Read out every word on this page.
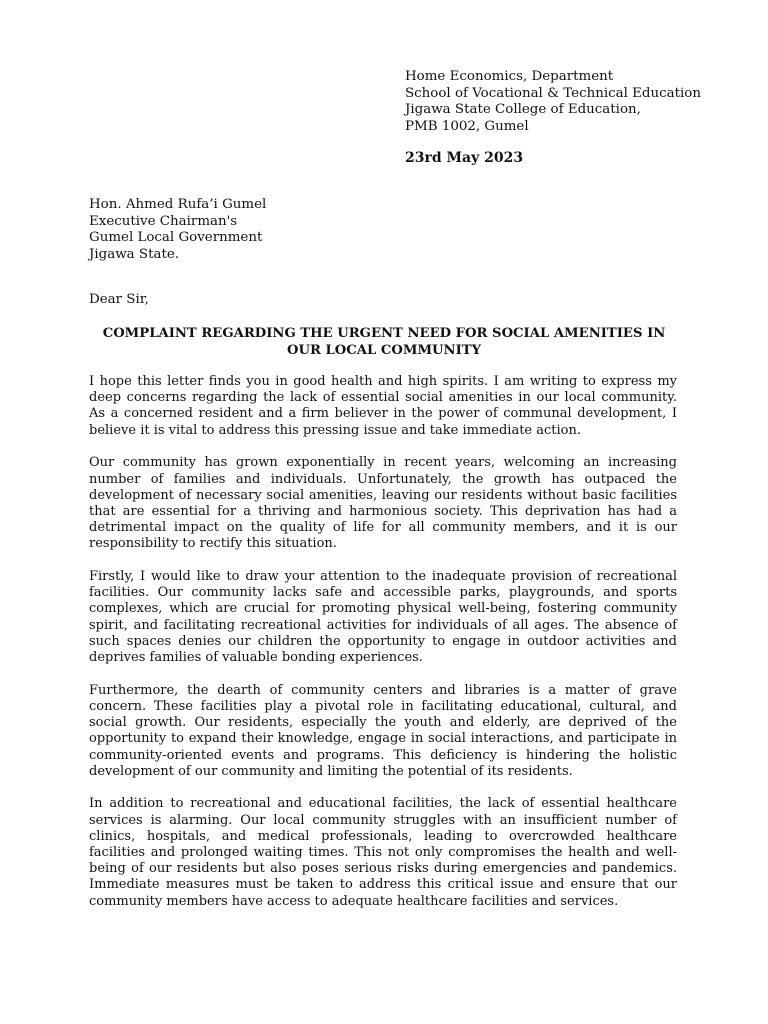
Home Economics, Department
School of Vocational & Technical Education
Jigawa State College of Education,
PMB 1002, Gumel
23rd May 2023
Hon. Ahmed Rufa’i Gumel
Executive Chairman's
Gumel Local Government
Jigawa State.
Dear Sir,
COMPLAINT REGARDING THE URGENT NEED FOR SOCIAL AMENITIES IN OUR LOCAL COMMUNITY

I hope this letter finds you in good health and high spirits. I am writing to express my deep concerns regarding the lack of essential social amenities in our local community. As a concerned resident and a firm believer in the power of communal development, I believe it is vital to address this pressing issue and take immediate action.

Our community has grown exponentially in recent years, welcoming an increasing number of families and individuals. Unfortunately, the growth has outpaced the development of necessary social amenities, leaving our residents without basic facilities that are essential for a thriving and harmonious society. This deprivation has had a detrimental impact on the quality of life for all community members, and it is our responsibility to rectify this situation.

Firstly, I would like to draw your attention to the inadequate provision of recreational facilities. Our community lacks safe and accessible parks, playgrounds, and sports complexes, which are crucial for promoting physical well-being, fostering community spirit, and facilitating recreational activities for individuals of all ages. The absence of such spaces denies our children the opportunity to engage in outdoor activities and deprives families of valuable bonding experiences.

Furthermore, the dearth of community centers and libraries is a matter of grave concern. These facilities play a pivotal role in facilitating educational, cultural, and social growth. Our residents, especially the youth and elderly, are deprived of the opportunity to expand their knowledge, engage in social interactions, and participate in community-oriented events and programs. This deficiency is hindering the holistic development of our community and limiting the potential of its residents.

In addition to recreational and educational facilities, the lack of essential healthcare services is alarming. Our local community struggles with an insufficient number of clinics, hospitals, and medical professionals, leading to overcrowded healthcare facilities and prolonged waiting times. This not only compromises the health and well-being of our residents but also poses serious risks during emergencies and pandemics. Immediate measures must be taken to address this critical issue and ensure that our community members have access to adequate healthcare facilities and services.
